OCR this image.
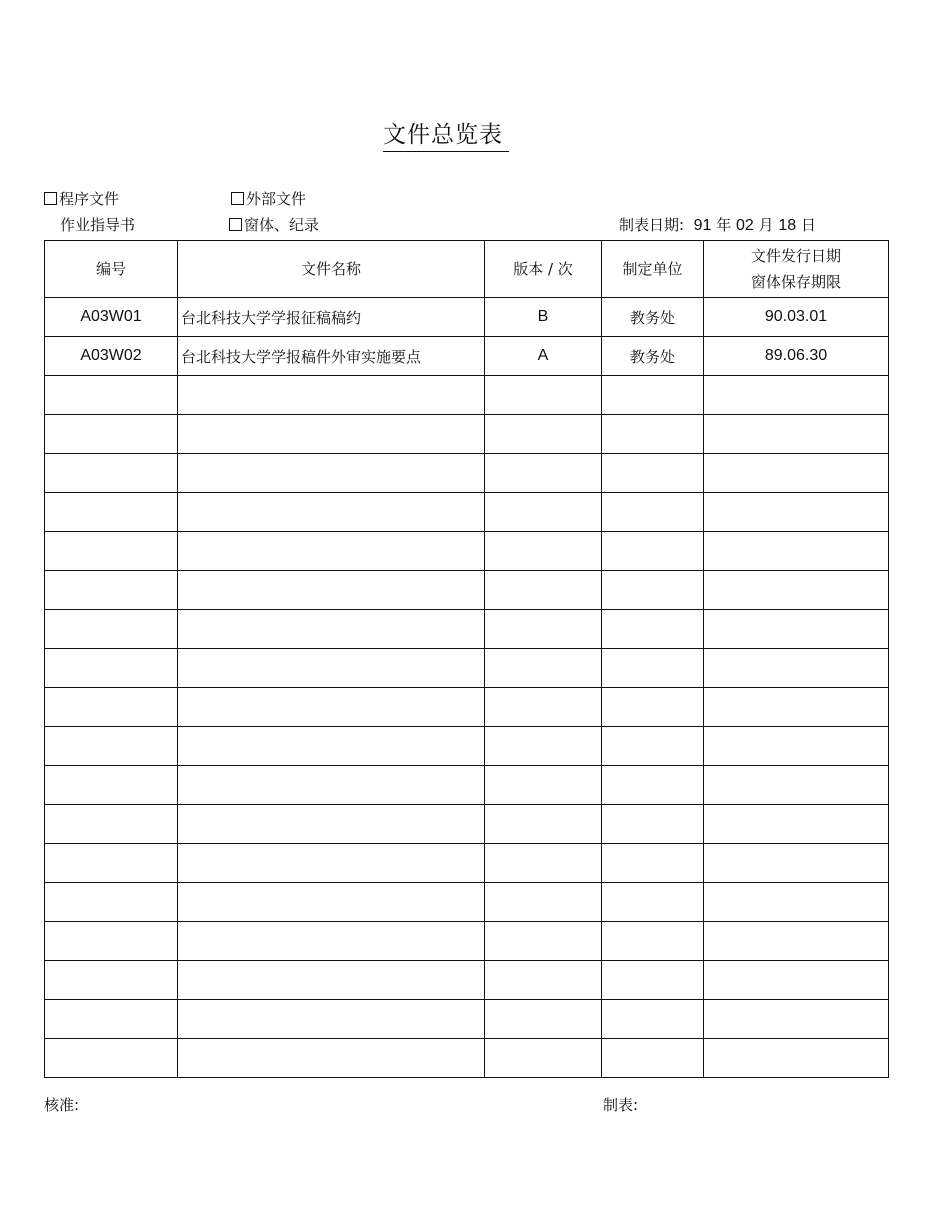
文件总览表
程序文件	外部文件
作业指导书	窗体、纪录	制表日期: 91 年 02 月 18 日
编号	文件名称	版本 / 次	制定单位	文件发行日期
窗体保存期限
A03W01	台北科技大学学报征稿稿约	B	教务处	90.03.01
A03W02	台北科技大学学报稿件外审实施要点	A	教务处	89.06.30

核准:	制表:
